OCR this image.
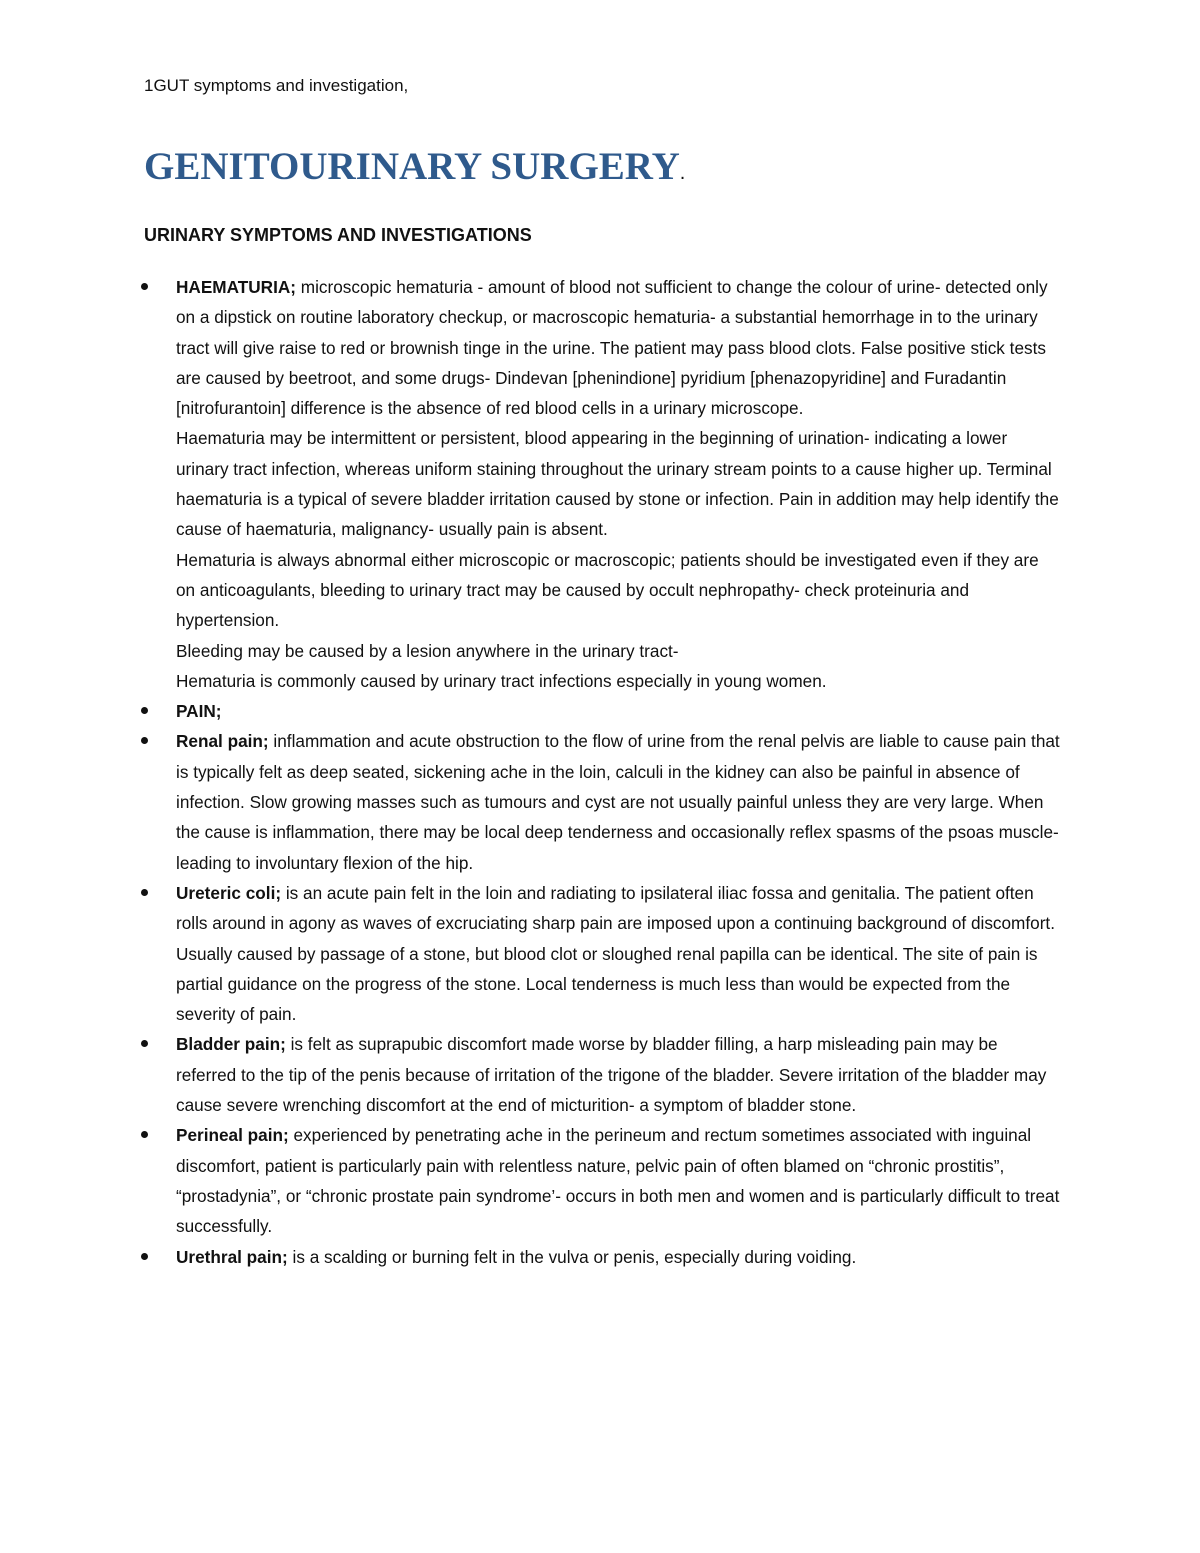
1GUT symptoms and investigation,
GENITOURINARY SURGERY.
URINARY SYMPTOMS AND INVESTIGATIONS
HAEMATURIA; microscopic hematuria - amount of blood not sufficient to change the colour of urine- detected only on a dipstick on routine laboratory checkup, or macroscopic hematuria- a substantial hemorrhage in to the urinary tract will give raise to red or brownish tinge in the urine. The patient may pass blood clots. False positive stick tests are caused by beetroot, and some drugs- Dindevan [phenindione] pyridium [phenazopyridine] and Furadantin [nitrofurantoin] difference is the absence of red blood cells in a urinary microscope.
Haematuria may be intermittent or persistent, blood appearing in the beginning of urination- indicating a lower urinary tract infection, whereas uniform staining throughout the urinary stream points to a cause higher up. Terminal haematuria is a typical of severe bladder irritation caused by stone or infection. Pain in addition may help identify the cause of haematuria, malignancy- usually pain is absent.
Hematuria is always abnormal either microscopic or macroscopic; patients should be investigated even if they are on anticoagulants, bleeding to urinary tract may be caused by occult nephropathy- check proteinuria and hypertension.
Bleeding may be caused by a lesion anywhere in the urinary tract-
Hematuria is commonly caused by urinary tract infections especially in young women.
PAIN;
Renal pain; inflammation and acute obstruction to the flow of urine from the renal pelvis are liable to cause pain that is typically felt as deep seated, sickening ache in the loin, calculi in the kidney can also be painful in absence of infection. Slow growing masses such as tumours and cyst are not usually painful unless they are very large. When the cause is inflammation, there may be local deep tenderness and occasionally reflex spasms of the psoas muscle- leading to involuntary flexion of the hip.
Ureteric coli; is an acute pain felt in the loin and radiating to ipsilateral iliac fossa and genitalia. The patient often rolls around in agony as waves of excruciating sharp pain are imposed upon a continuing background of discomfort. Usually caused by passage of a stone, but blood clot or sloughed renal papilla can be identical. The site of pain is partial guidance on the progress of the stone. Local tenderness is much less than would be expected from the severity of pain.
Bladder pain; is felt as suprapubic discomfort made worse by bladder filling, a harp misleading pain may be referred to the tip of the penis because of irritation of the trigone of the bladder. Severe irritation of the bladder may cause severe wrenching discomfort at the end of micturition- a symptom of bladder stone.
Perineal pain; experienced by penetrating ache in the perineum and rectum sometimes associated with inguinal discomfort, patient is particularly pain with relentless nature, pelvic pain of often blamed on “chronic prostitis”, “prostadynia”, or “chronic prostate pain syndrome’- occurs in both men and women and is particularly difficult to treat successfully.
Urethral pain; is a scalding or burning felt in the vulva or penis, especially during voiding.
